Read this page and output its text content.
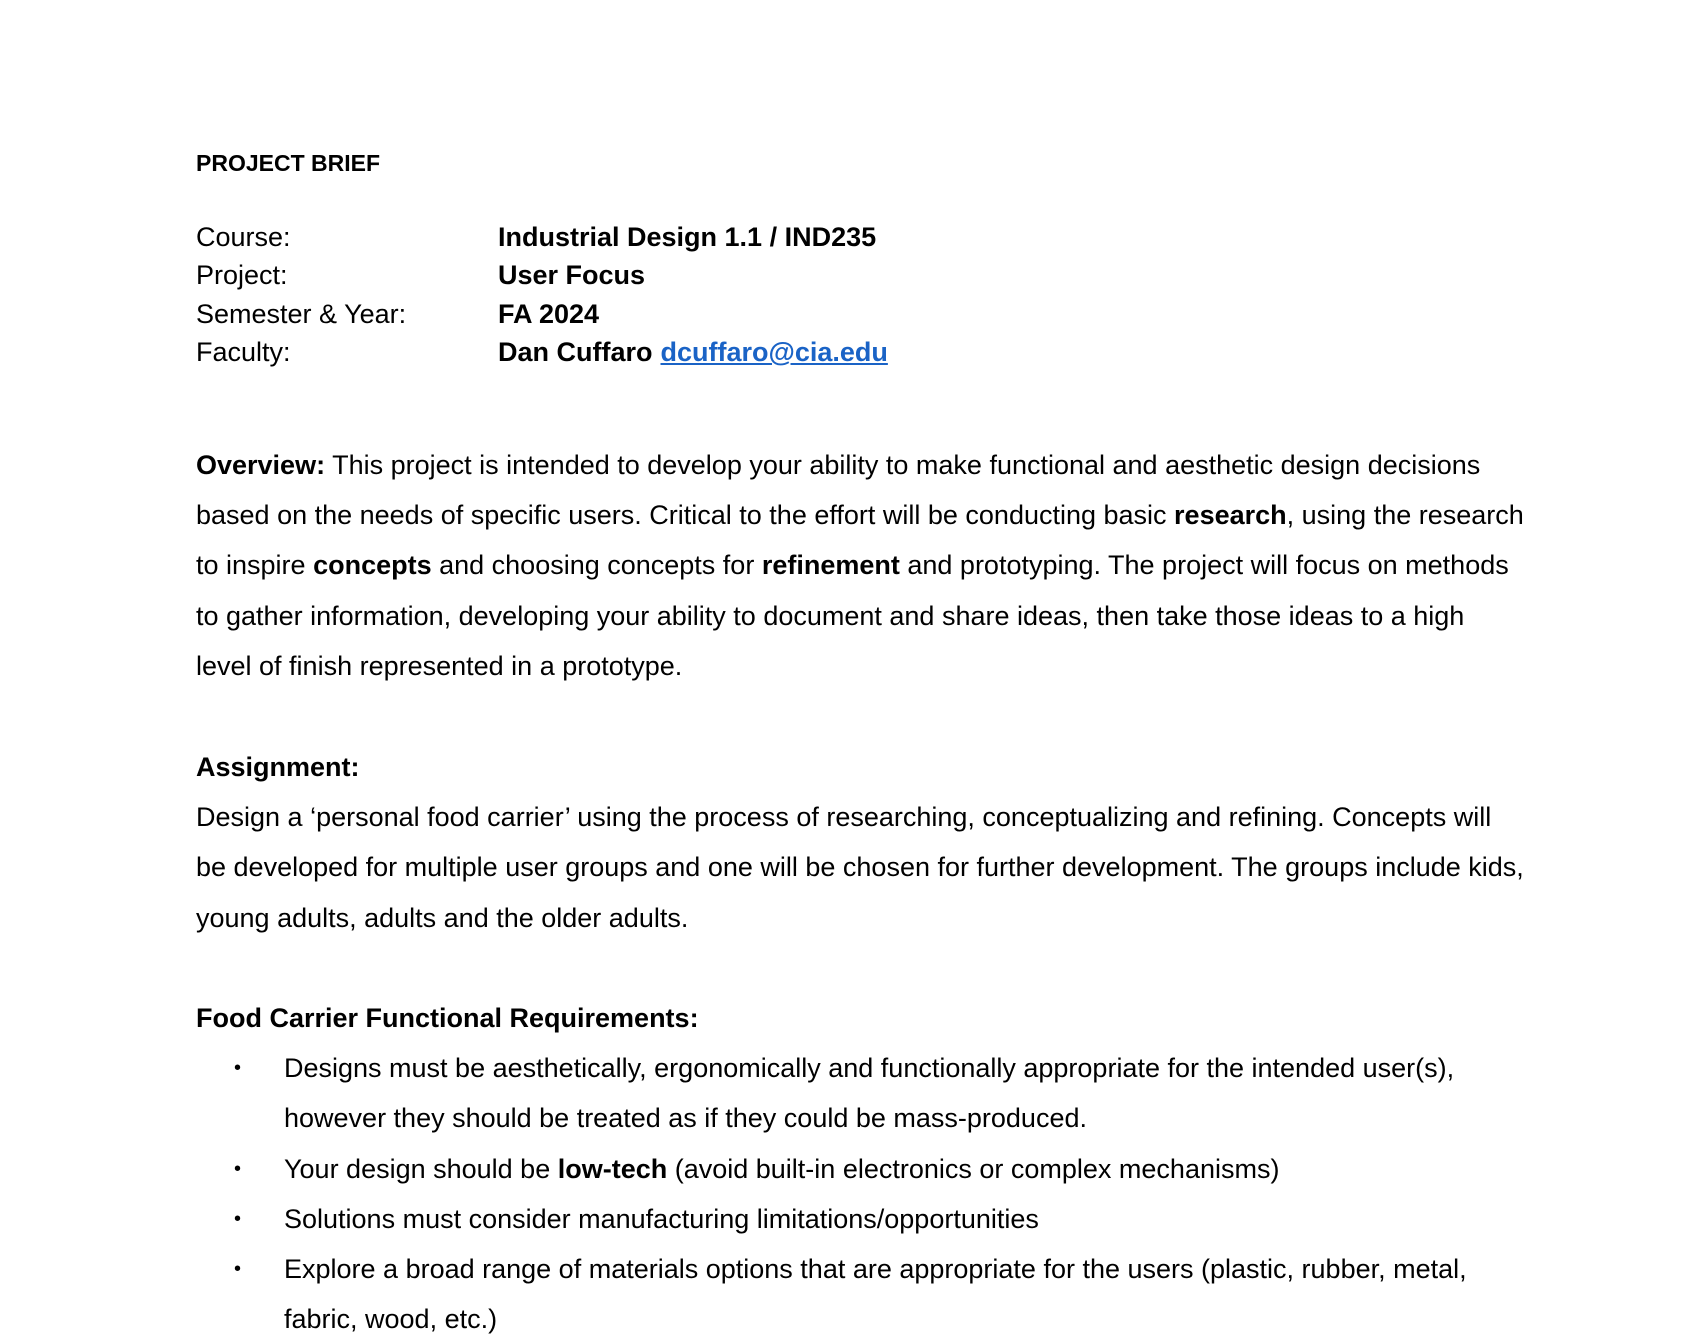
PROJECT BRIEF
Course:	Industrial Design 1.1 / IND235
Project:	User Focus
Semester & Year:	FA 2024
Faculty:	Dan Cuffaro dcuffaro@cia.edu

Overview: This project is intended to develop your ability to make functional and aesthetic design decisions based on the needs of specific users. Critical to the effort will be conducting basic research, using the research to inspire concepts and choosing concepts for refinement and prototyping. The project will focus on methods to gather information, developing your ability to document and share ideas, then take those ideas to a high level of finish represented in a prototype.

Assignment:

Design a ‘personal food carrier’ using the process of researching, conceptualizing and refining. Concepts will be developed for multiple user groups and one will be chosen for further development. The groups include kids, young adults, adults and the older adults.

Food Carrier Functional Requirements:
• Designs must be aesthetically, ergonomically and functionally appropriate for the intended user(s), however they should be treated as if they could be mass-produced.
• Your design should be low-tech (avoid built-in electronics or complex mechanisms)
• Solutions must consider manufacturing limitations/opportunities
• Explore a broad range of materials options that are appropriate for the users (plastic, rubber, metal, fabric, wood, etc.)
